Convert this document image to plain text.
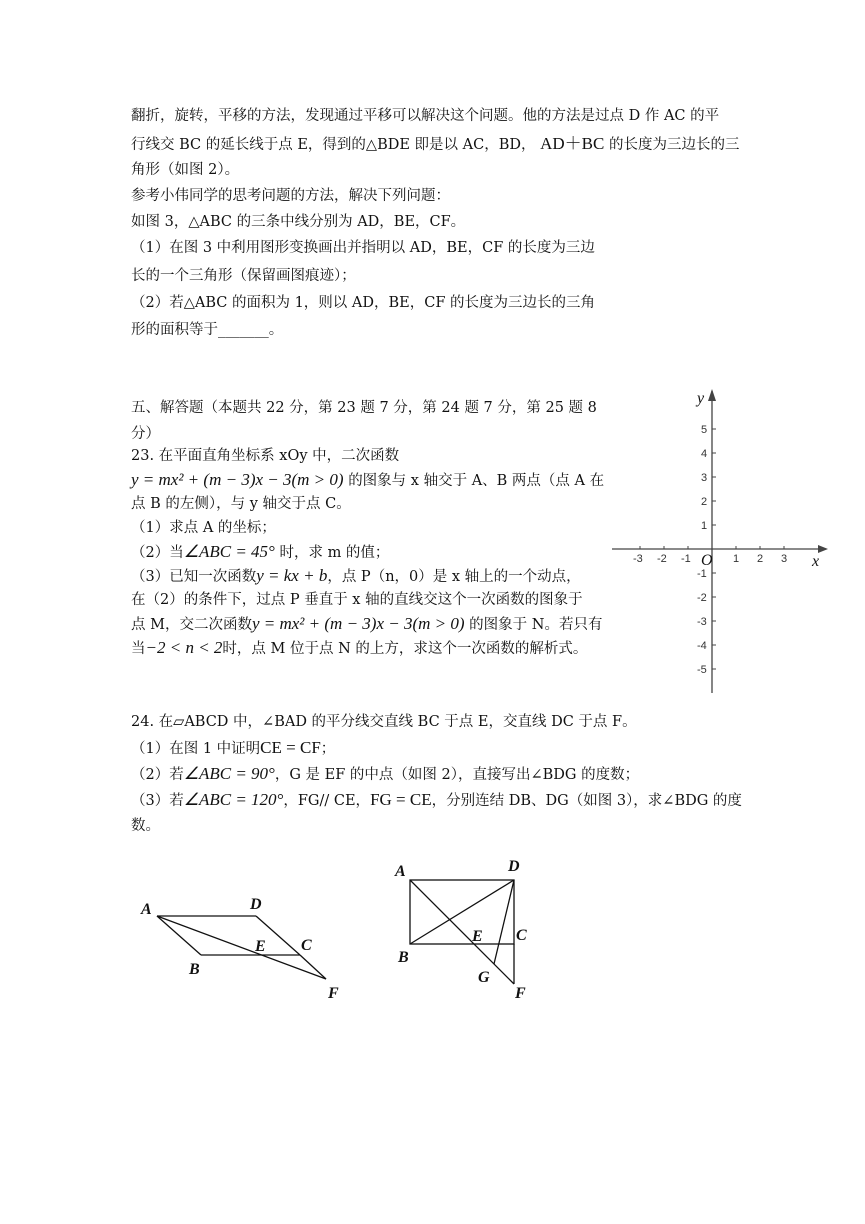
翻折，旋转，平移的方法，发现通过平移可以解决这个问题。他的方法是过点 D 作 AC 的平
行线交 BC 的延长线于点 E，得到的△BDE 即是以 AC，BD， AD＋BC 的长度为三边长的三
角形（如图 2）。
参考小伟同学的思考问题的方法，解决下列问题：
如图 3，△ABC 的三条中线分别为 AD，BE，CF。
（1）在图 3 中利用图形变换画出并指明以 AD，BE，CF 的长度为三边
长的一个三角形（保留画图痕迹）；
（2）若△ABC 的面积为 1，则以 AD，BE，CF 的长度为三边长的三角
形的面积等于_______。
五、解答题（本题共 22 分，第 23 题 7 分，第 24 题 7 分，第 25 题 8
分）
23. 在平面直角坐标系 xOy 中，二次函数
y = mx² + (m − 3)x − 3(m > 0) 的图象与 x 轴交于 A、B 两点（点 A 在
点 B 的左侧），与 y 轴交于点 C。
（1）求点 A 的坐标；
（2）当∠ABC = 45° 时，求 m 的值；
（3）已知一次函数y = kx + b，点 P（n，0）是 x 轴上的一个动点，
在（2）的条件下，过点 P 垂直于 x 轴的直线交这个一次函数的图象于
点 M，交二次函数y = mx² + (m − 3)x − 3(m > 0) 的图象于 N。若只有
当−2 < n < 2时，点 M 位于点 N 的上方，求这个一次函数的解析式。
24. 在▱ABCD 中，∠BAD 的平分线交直线 BC 于点 E，交直线 DC 于点 F。
（1）在图 1 中证明CE = CF；
（2）若∠ABC = 90°，G 是 EF 的中点（如图 2），直接写出∠BDG 的度数；
（3）若∠ABC = 120°，FG// CE，FG = CE，分别连结 DB、DG（如图 3），求∠BDG 的度
数。
x
y
O
-3 -2 -1	1 2 3
5
4
3
2
1
-1
-2
-3
-4
-5
A	D
E C
B
F
A	D
E C
B
G
F
